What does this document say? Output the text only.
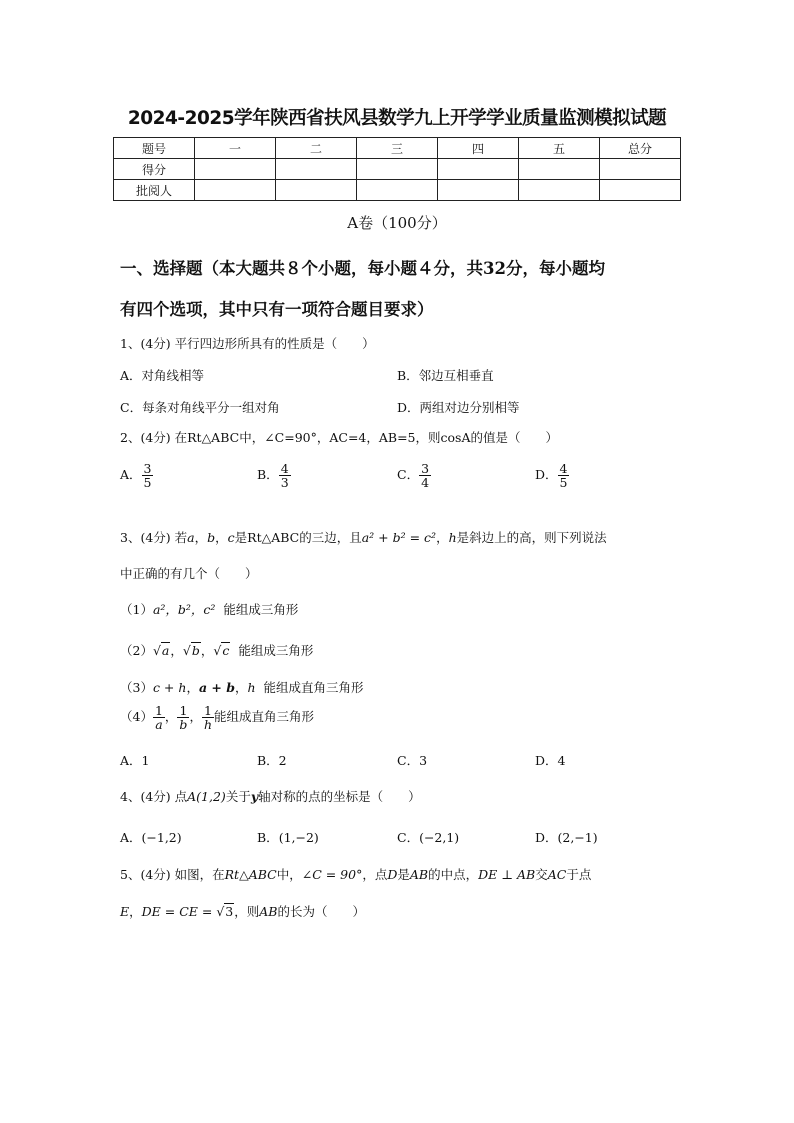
2024-2025学年陕西省扶风县数学九上开学学业质量监测模拟试题
题号	一	二	三	四	五	总分
得分						
批阅人						
A卷（100分）
一、选择题（本大题共８个小题，每小题４分，共32分，每小题均
有四个选项，其中只有一项符合题目要求）
1、(4分) 平行四边形所具有的性质是（　　）
A．对角线相等	B．邻边互相垂直
C．每条对角线平分一组对角	D．两组对边分别相等
2、(4分) 在Rt△ABC中，∠C=90°，AC=4，AB=5，则cosA的值是（　　）
A． $\frac{3}{5}$	B． $\frac{4}{3}$	C． $\frac{3}{4}$	D． $\frac{4}{5}$
3、(4分) 若a，b，c是Rt△ABC的三边，且a² + b² = c²，h是斜边上的高，则下列说法
中正确的有几个（　　）
（1）a²，b²，c² 能组成三角形
（2）√a，√b，√c 能组成三角形
（3）c + h，a + b，h 能组成直角三角形
$(4) \frac{1}{a}$ ， $\frac{1}{b}$ ， $\frac{1}{h}$ 能组成直角三角形
A．1	B．2	C．3	D．4
4、(4分) 点A(1,2)关于y轴对称的点的坐标是（　　）
A．(−1,2)	B．(1,−2)	C．(−2,1)	D．(2,−1)
5、(4分) 如图，在Rt△ABC中，∠C = 90°，点D是AB的中点，DE ⊥ AB交AC于点
E，DE = CE = √3，则AB的长为（　　）
